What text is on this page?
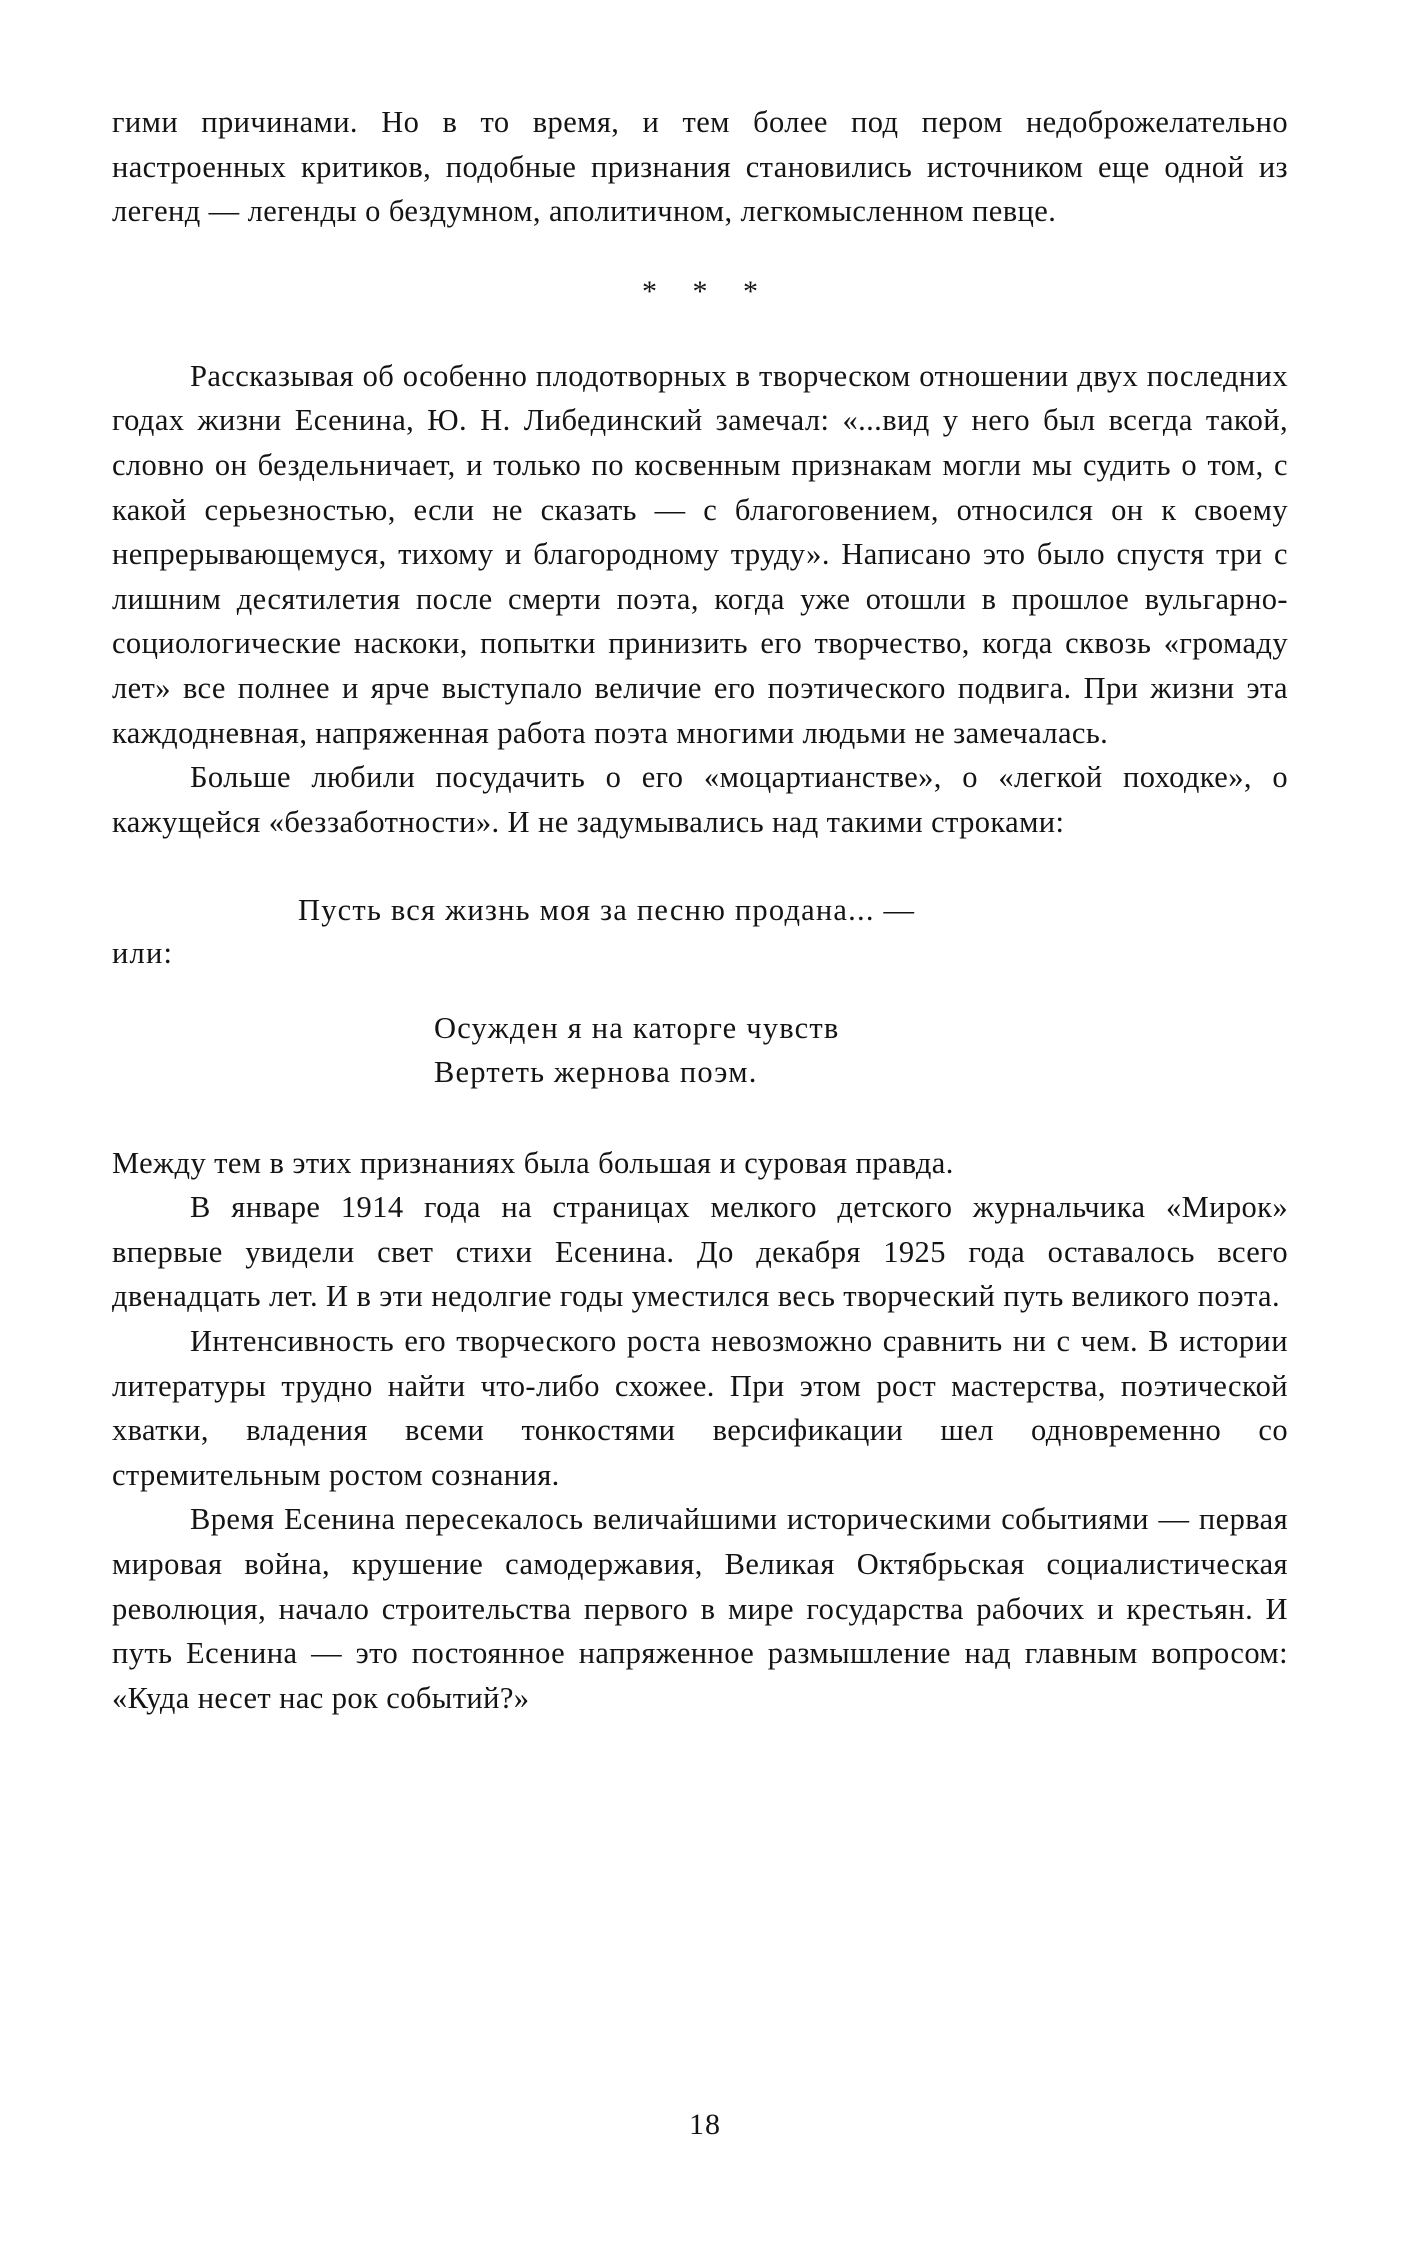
гими причинами. Но в то время, и тем более под пером недоброжелательно настроенных критиков, подобные признания становились источником еще одной из легенд — легенды о бездумном, аполитичном, легкомысленном певце.

* * *

Рассказывая об особенно плодотворных в творческом отношении двух последних годах жизни Есенина, Ю. Н. Либединский замечал: «...вид у него был всегда такой, словно он бездельничает, и только по косвенным признакам могли мы судить о том, с какой серьезностью, если не сказать — с благоговением, относился он к своему непрерывающемуся, тихому и благородному труду». Написано это было спустя три с лишним десятилетия после смерти поэта, когда уже отошли в прошлое вульгарно-социологические наскоки, попытки принизить его творчество, когда сквозь «громаду лет» все полнее и ярче выступало величие его поэтического подвига. При жизни эта каждодневная, напряженная работа поэта многими людьми не замечалась.

Больше любили посудачить о его «моцартианстве», о «легкой походке», о кажущейся «беззаботности». И не задумывались над такими строками:

Пусть вся жизнь моя за песню продана... —
или:
Осужден я на каторге чувств
Вертеть жернова поэм.

Между тем в этих признаниях была большая и суровая правда.

В январе 1914 года на страницах мелкого детского журнальчика «Мирок» впервые увидели свет стихи Есенина. До декабря 1925 года оставалось всего двенадцать лет. И в эти недолгие годы уместился весь творческий путь великого поэта.

Интенсивность его творческого роста невозможно сравнить ни с чем. В истории литературы трудно найти что-либо схожее. При этом рост мастерства, поэтической хватки, владения всеми тонкостями версификации шел одновременно со стремительным ростом сознания.

Время Есенина пересекалось величайшими историческими событиями — первая мировая война, крушение самодержавия, Великая Октябрьская социалистическая революция, начало строительства первого в мире государства рабочих и крестьян. И путь Есенина — это постоянное напряженное размышление над главным вопросом: «Куда несет нас рок событий?»

18
